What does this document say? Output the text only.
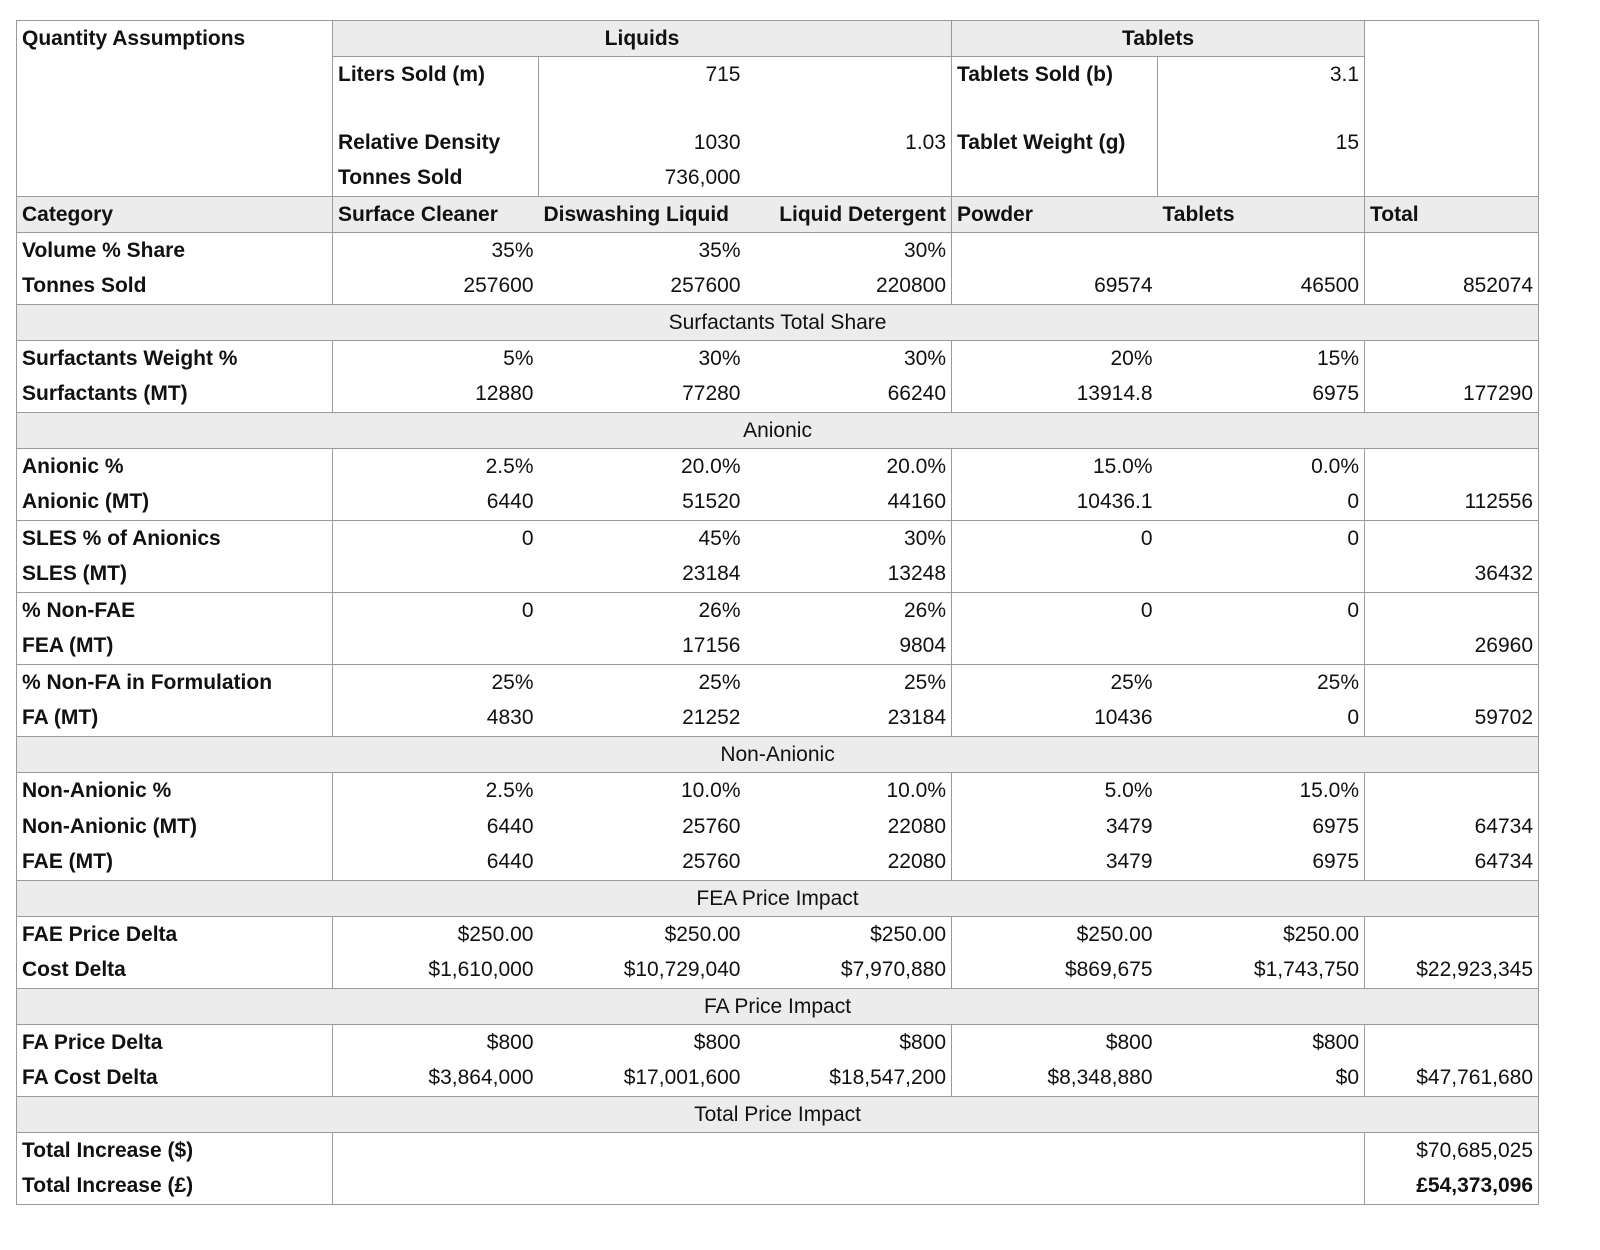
Quantity Assumptions	Liquids			Tablets		
	Liters Sold (m)	715		Tablets Sold (b)	3.1	

	Relative Density	1030	1.03	Tablet Weight (g)	15	
	Tonnes Sold	736,000				
Category	Surface Cleaner	Diswashing Liquid	Liquid Detergent	Powder	Tablets	Total
Volume % Share	35%	35%	30%			
Tonnes Sold	257600	257600	220800	69574	46500	852074
Surfactants Total Share						
Surfactants Weight %	5%	30%	30%	20%	15%	
Surfactants (MT)	12880	77280	66240	13914.8	6975	177290
Anionic						
Anionic %	2.5%	20.0%	20.0%	15.0%	0.0%	
Anionic (MT)	6440	51520	44160	10436.1	0	112556
SLES % of Anionics	0	45%	30%	0	0	
SLES (MT)		23184	13248			36432
% Non-FAE	0	26%	26%	0	0	
FEA (MT)		17156	9804			26960
% Non-FA in Formulation	25%	25%	25%	25%	25%	
FA (MT)	4830	21252	23184	10436	0	59702
Non-Anionic						
Non-Anionic %	2.5%	10.0%	10.0%	5.0%	15.0%	
Non-Anionic (MT)	6440	25760	22080	3479	6975	64734
FAE (MT)	6440	25760	22080	3479	6975	64734
FEA Price Impact						
FAE Price Delta	$250.00	$250.00	$250.00	$250.00	$250.00	
Cost Delta	$1,610,000	$10,729,040	$7,970,880	$869,675	$1,743,750	$22,923,345
FA Price Impact						
FA Price Delta	$800	$800	$800	$800	$800	
FA Cost Delta	$3,864,000	$17,001,600	$18,547,200	$8,348,880	$0	$47,761,680
Total Price Impact						
Total Increase ($)						$70,685,025
Total Increase (£)						£54,373,096
